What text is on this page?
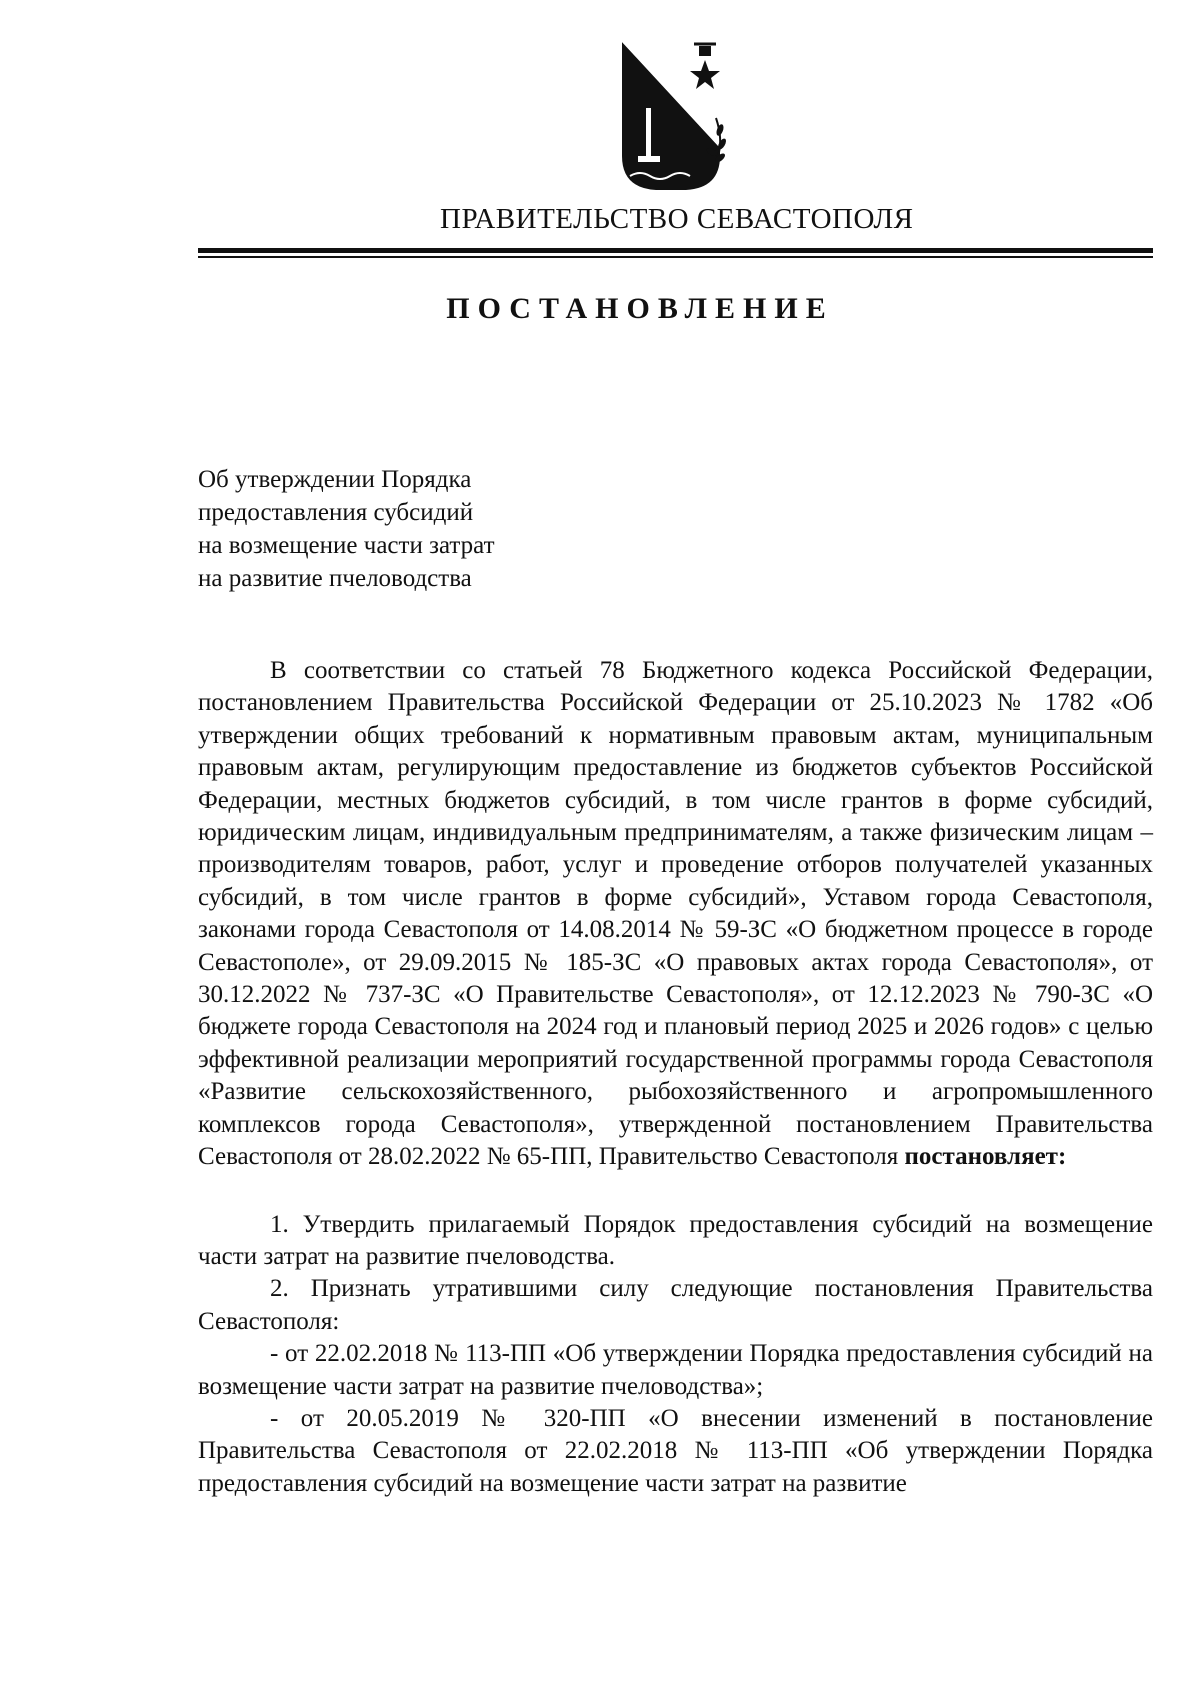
ПРАВИТЕЛЬСТВО СЕВАСТОПОЛЯ
ПОСТАНОВЛЕНИЕ
Об утверждении Порядка
предоставления субсидий
на возмещение части затрат
на развитие пчеловодства

В соответствии со статьей 78 Бюджетного кодекса Российской Федерации, постановлением Правительства Российской Федерации от 25.10.2023 № 1782 «Об утверждении общих требований к нормативным правовым актам, муниципальным правовым актам, регулирующим предоставление из бюджетов субъектов Российской Федерации, местных бюджетов субсидий, в том числе грантов в форме субсидий, юридическим лицам, индивидуальным предпринимателям, а также физическим лицам – производителям товаров, работ, услуг и проведение отборов получателей указанных субсидий, в том числе грантов в форме субсидий», Уставом города Севастополя, законами города Севастополя от 14.08.2014 № 59-ЗС «О бюджетном процессе в городе Севастополе», от 29.09.2015 № 185-ЗС «О правовых актах города Севастополя», от 30.12.2022 № 737-ЗС «О Правительстве Севастополя», от 12.12.2023 № 790-ЗС «О бюджете города Севастополя на 2024 год и плановый период 2025 и 2026 годов» с целью эффективной реализации мероприятий государственной программы города Севастополя «Развитие сельскохозяйственного, рыбохозяйственного и агропромышленного комплексов города Севастополя», утвержденной постановлением Правительства Севастополя от 28.02.2022 № 65-ПП, Правительство Севастополя постановляет:

1. Утвердить прилагаемый Порядок предоставления субсидий на возмещение части затрат на развитие пчеловодства.

2. Признать утратившими силу следующие постановления Правительства Севастополя:

- от 22.02.2018 № 113-ПП «Об утверждении Порядка предоставления субсидий на возмещение части затрат на развитие пчеловодства»;

- от 20.05.2019 № 320-ПП «О внесении изменений в постановление Правительства Севастополя от 22.02.2018 № 113-ПП «Об утверждении Порядка предоставления субсидий на возмещение части затрат на развитие
